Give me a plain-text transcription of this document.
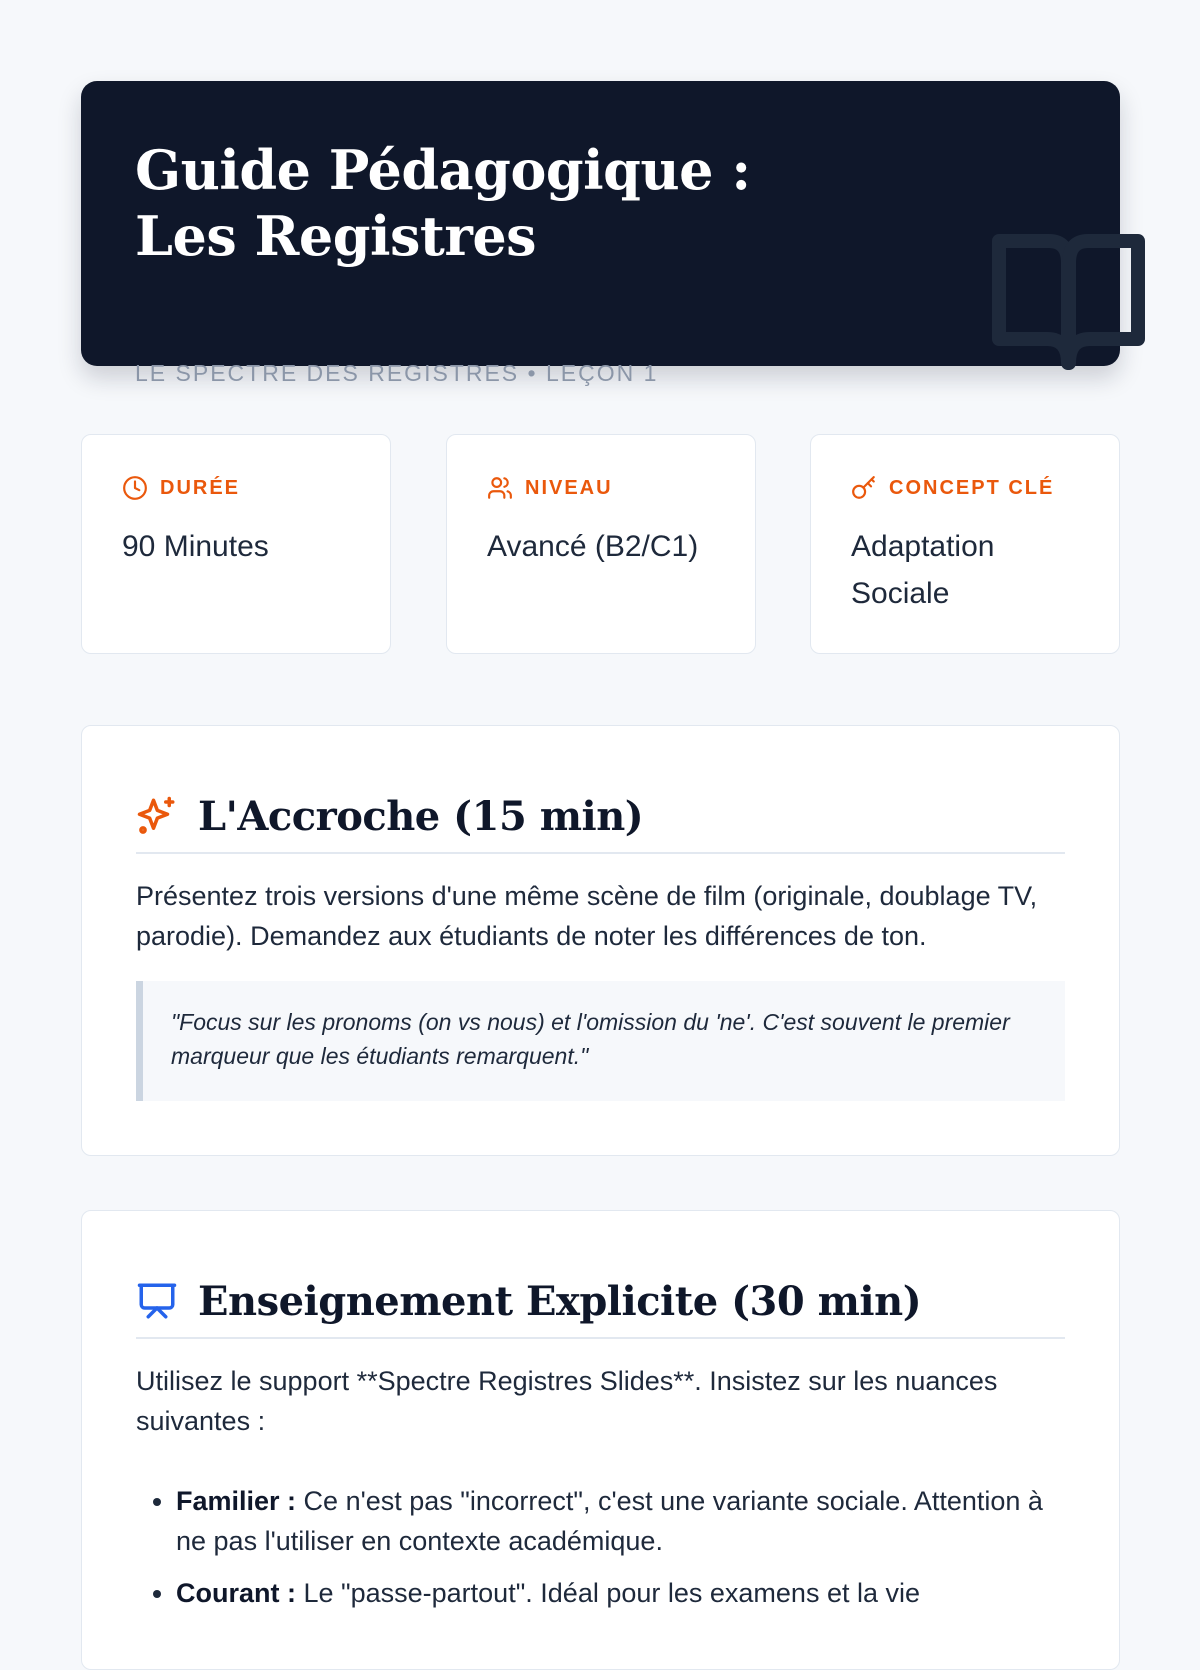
Guide Pédagogique : Les Registres
LE SPECTRE DES REGISTRES • LEÇON 1
DURÉE
90 Minutes
NIVEAU
Avancé (B2/C1)
CONCEPT CLÉ
Adaptation Sociale
L'Accroche (15 min)

Présentez trois versions d'une même scène de film (originale, doublage TV, parodie). Demandez aux étudiants de noter les différences de ton.

"Focus sur les pronoms (on vs nous) et l'omission du 'ne'. C'est souvent le premier marqueur que les étudiants remarquent."
Enseignement Explicite (30 min)

Utilisez le support **Spectre Registres Slides**. Insistez sur les nuances suivantes :

• Familier : Ce n'est pas "incorrect", c'est une variante sociale. Attention à ne pas l'utiliser en contexte académique.
• Courant : Le "passe-partout". Idéal pour les examens et la vie
